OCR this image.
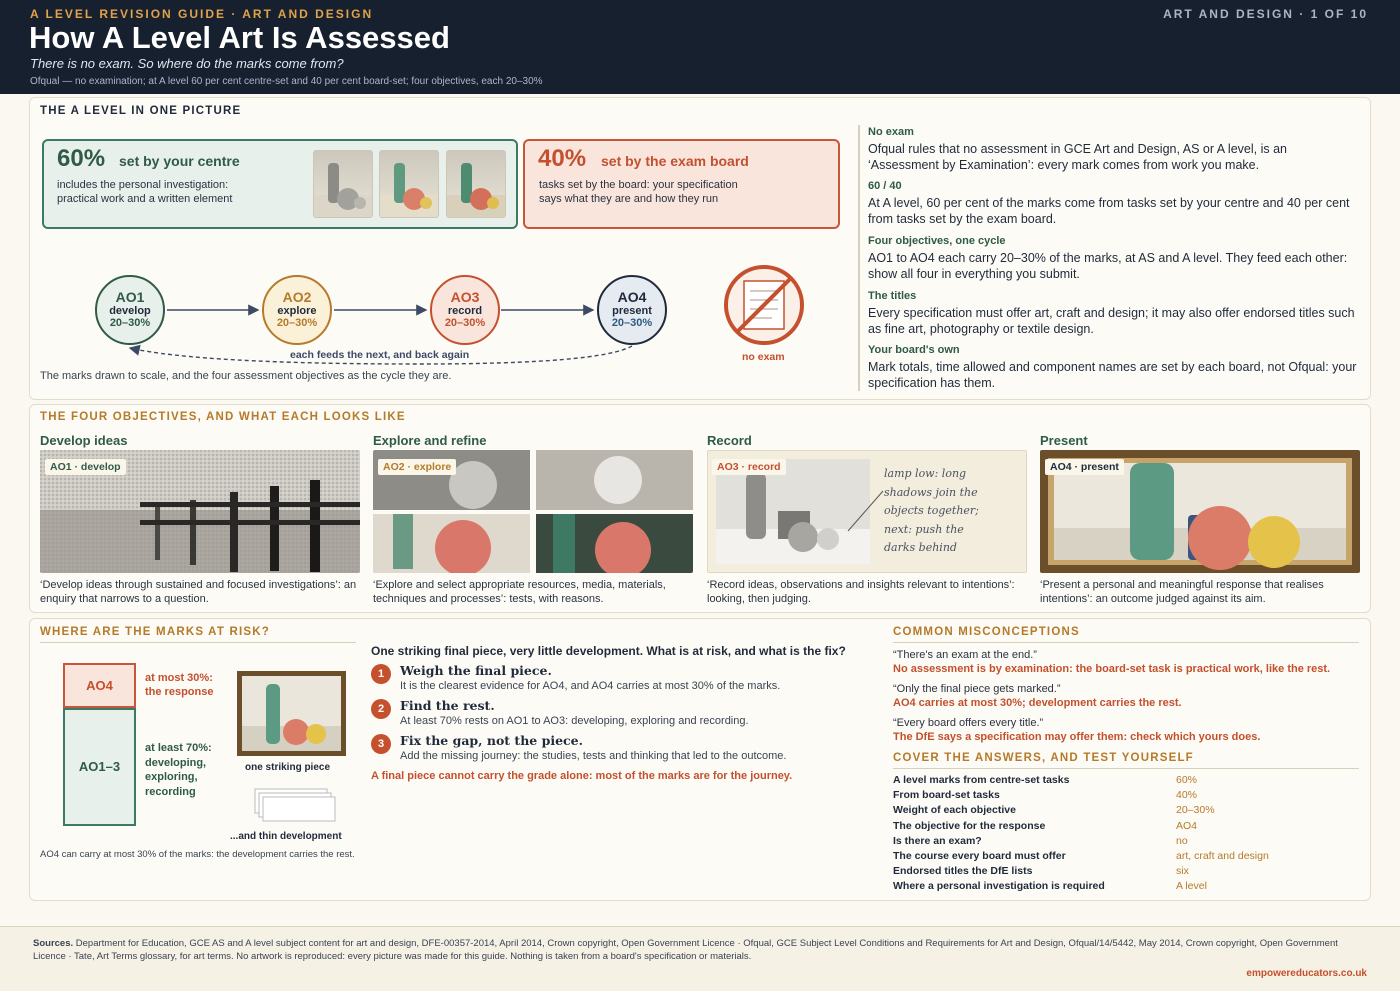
A LEVEL REVISION GUIDE · ART AND DESIGN	ART AND DESIGN · 1 OF 10
How A Level Art Is Assessed
There is no exam. So where do the marks come from?
Ofqual — no examination; at A level 60 per cent centre-set and 40 per cent board-set; four objectives, each 20–30%
THE A LEVEL IN ONE PICTURE
60% set by your centre
includes the personal investigation:
practical work and a written element
40% set by the exam board
tasks set by the board: your specification
says what they are and how they run
AO1
develop
20–30%
AO2
explore
20–30%
AO3
record
20–30%
AO4
present
20–30%
each feeds the next, and back again	no exam
The marks drawn to scale, and the four assessment objectives as the cycle they are.
No exam
Ofqual rules that no assessment in GCE Art and Design, AS or A level, is an ‘Assessment by Examination’: every mark comes from work you make.
60 / 40
At A level, 60 per cent of the marks come from tasks set by your centre and 40 per cent from tasks set by the exam board.
Four objectives, one cycle
AO1 to AO4 each carry 20–30% of the marks, at AS and A level. They feed each other: show all four in everything you submit.
The titles
Every specification must offer art, craft and design; it may also offer endorsed titles such as fine art, photography or textile design.
Your board's own
Mark totals, time allowed and component names are set by each board, not Ofqual: your specification has them.
THE FOUR OBJECTIVES, AND WHAT EACH LOOKS LIKE
Develop ideas
AO1 · develop
‘Develop ideas through sustained and focused investigations’: an enquiry that narrows to a question.
Explore and refine
AO2 · explore
‘Explore and select appropriate resources, media, materials, techniques and processes’: tests, with reasons.
Record
AO3 · record	lamp low: long shadows join the objects together; next: push the darks behind
‘Record ideas, observations and insights relevant to intentions’: looking, then judging.
Present
AO4 · present
‘Present a personal and meaningful response that realises intentions’: an outcome judged against its aim.
WHERE ARE THE MARKS AT RISK?
AO4
AO1–3
at most 30%: the response
at least 70%: developing, exploring, recording
one striking piece
...and thin development
AO4 can carry at most 30% of the marks: the development carries the rest.
One striking final piece, very little development. What is at risk, and what is the fix?
1	Weigh the final piece.
It is the clearest evidence for AO4, and AO4 carries at most 30% of the marks.
2	Find the rest.
At least 70% rests on AO1 to AO3: developing, exploring and recording.
3	Fix the gap, not the piece.
Add the missing journey: the studies, tests and thinking that led to the outcome.
A final piece cannot carry the grade alone: most of the marks are for the journey.
COMMON MISCONCEPTIONS
“There's an exam at the end.”
No assessment is by examination: the board-set task is practical work, like the rest.
“Only the final piece gets marked.”
AO4 carries at most 30%; development carries the rest.
“Every board offers every title.”
The DfE says a specification may offer them: check which yours does.
COVER THE ANSWERS, AND TEST YOURSELF
A level marks from centre-set tasks	60%
From board-set tasks	40%
Weight of each objective	20–30%
The objective for the response	AO4
Is there an exam?	no
The course every board must offer	art, craft and design
Endorsed titles the DfE lists	six
Where a personal investigation is required	A level
Sources. Department for Education, GCE AS and A level subject content for art and design, DFE-00357-2014, April 2014, Crown copyright, Open Government Licence · Ofqual, GCE Subject Level Conditions and Requirements for Art and Design, Ofqual/14/5442, May 2014, Crown copyright, Open Government Licence · Tate, Art Terms glossary, for art terms. No artwork is reproduced: every picture was made for this guide. Nothing is taken from a board's specification or materials.
empowereducators.co.uk
